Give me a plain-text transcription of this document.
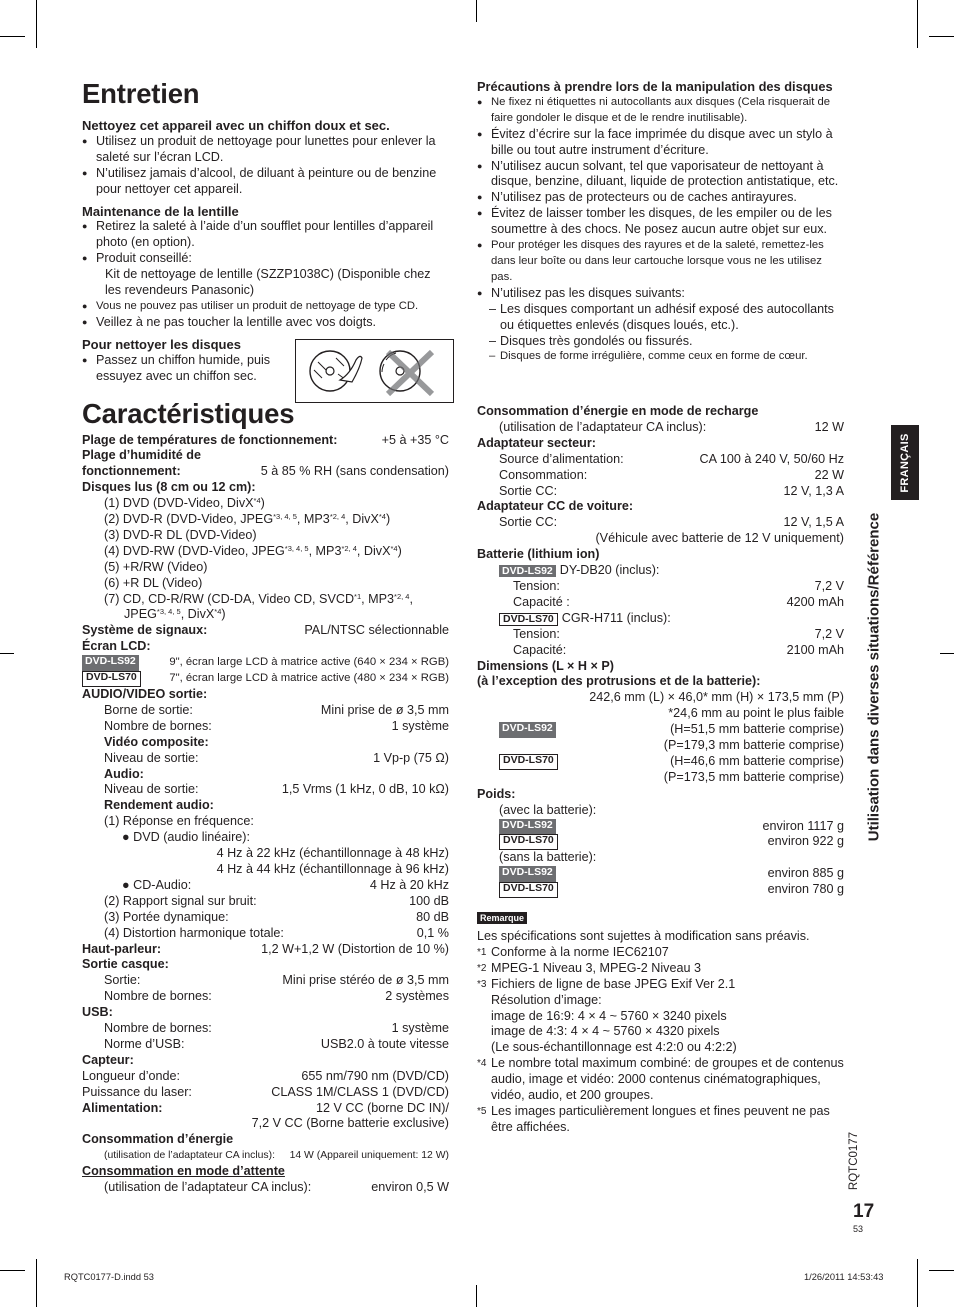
Entretien
Nettoyez cet appareil avec un chiffon doux et sec.
● Utilisez un produit de nettoyage pour lunettes pour enlever la saleté sur l’écran LCD.
● N’utilisez jamais d’alcool, de diluant à peinture ou de benzine pour nettoyer cet appareil.
Maintenance de la lentille
● Retirez la saleté à l’aide d’un soufflet pour lentilles d’appareil photo (en option).
● Produit conseillé:
Kit de nettoyage de lentille (SZZP1038C) (Disponible chez les revendeurs Panasonic)
● Vous ne pouvez pas utiliser un produit de nettoyage de type CD.
● Veillez à ne pas toucher la lentille avec vos doigts.
Pour nettoyer les disques
● Passez un chiffon humide, puis essuyez avec un chiffon sec.
Caractéristiques
Plage de températures de fonctionnement:	+5 à +35 °C
Plage d’humidité de
fonctionnement:	5 à 85 % RH (sans condensation)
Disques lus (8 cm ou 12 cm):
(1) DVD (DVD-Video, DivX$^{*4}$)
(2) DVD-R (DVD-Video, JPEG$^{*3, 4, 5}$, MP3$^{*2, 4}$, DivX$^{*4}$)
(3) DVD-R DL (DVD-Video)
(4) DVD-RW (DVD-Video, JPEG$^{*3, 4, 5}$, MP3$^{*2, 4}$, DivX$^{*4}$)
(5) +R/RW (Video)
(6) +R DL (Video)
(7) CD, CD-R/RW (CD-DA, Video CD, SVCD$^{*1}$, MP3$^{*2, 4}$,
JPEG$^{*3, 4, 5}$, DivX$^{*4}$)
Système de signaux:	PAL/NTSC sélectionnable
Écran LCD:
DVD-LS92	9", écran large LCD à matrice active (640 × 234 × RGB)
DVD-LS70	7", écran large LCD à matrice active (480 × 234 × RGB)
AUDIO/VIDEO sortie:
Borne de sortie:	Mini prise de ø 3,5 mm
Nombre de bornes:	1 système
Vidéo composite:
Niveau de sortie:	1 Vp-p (75 Ω)
Audio:
Niveau de sortie:	1,5 Vrms (1 kHz, 0 dB, 10 kΩ)
Rendement audio:
(1) Réponse en fréquence:
● DVD (audio linéaire):
4 Hz à 22 kHz (échantillonnage à 48 kHz)
4 Hz à 44 kHz (échantillonnage à 96 kHz)
● CD-Audio:	4 Hz à 20 kHz
(2) Rapport signal sur bruit:	100 dB
(3) Portée dynamique:	80 dB
(4) Distortion harmonique totale:	0,1 %
Haut-parleur:	1,2 W+1,2 W (Distortion de 10 %)
Sortie casque:
Sortie:	Mini prise stéréo de ø 3,5 mm
Nombre de bornes:	2 systèmes
USB:
Nombre de bornes:	1 système
Norme d’USB:	USB2.0 à toute vitesse
Capteur:
Longueur d’onde:	655 nm/790 nm (DVD/CD)
Puissance du laser:	CLASS 1M/CLASS 1 (DVD/CD)
Alimentation:	12 V CC (borne DC IN)/
7,2 V CC (Borne batterie exclusive)
Consommation d’énergie
(utilisation de l’adaptateur CA inclus): 14 W (Appareil uniquement: 12 W)
Consommation en mode d’attente
(utilisation de l’adaptateur CA inclus):	environ 0,5 W
Précautions à prendre lors de la manipulation des disques
● Ne fixez ni étiquettes ni autocollants aux disques (Cela risquerait de faire gondoler le disque et de le rendre inutilisable).
● Évitez d’écrire sur la face imprimée du disque avec un stylo à bille ou tout autre instrument d’écriture.
● N’utilisez aucun solvant, tel que vaporisateur de nettoyant à disque, benzine, diluant, liquide de protection antistatique, etc.
● N’utilisez pas de protecteurs ou de caches antirayures.
● Évitez de laisser tomber les disques, de les empiler ou de les soumettre à des chocs. Ne posez aucun autre objet sur eux.
● Pour protéger les disques des rayures et de la saleté, remettez-les dans leur boîte ou dans leur cartouche lorsque vous ne les utilisez pas.
● N’utilisez pas les disques suivants:
– Les disques comportant un adhésif exposé des autocollants ou étiquettes enlevés (disques loués, etc.).
– Disques très gondolés ou fissurés.
– Disques de forme irrégulière, comme ceux en forme de cœur.
Consommation d’énergie en mode de recharge
(utilisation de l’adaptateur CA inclus):	12 W
Adaptateur secteur:
Source d’alimentation:	CA 100 à 240 V, 50/60 Hz
Consommation:	22 W
Sortie CC:	12 V, 1,3 A
Adaptateur CC de voiture:
Sortie CC:	12 V, 1,5 A
(Véhicule avec batterie de 12 V uniquement)
Batterie (lithium ion)
DVD-LS92 DY-DB20 (inclus):
Tension:	7,2 V
Capacité :	4200 mAh
DVD-LS70 CGR-H711 (inclus):
Tension:	7,2 V
Capacité:	2100 mAh
Dimensions (L × H × P)
(à l’exception des protrusions et de la batterie):
242,6 mm (L) × 46,0* mm (H) × 173,5 mm (P)
*24,6 mm au point le plus faible
DVD-LS92	(H=51,5 mm batterie comprise)
(P=179,3 mm batterie comprise)
DVD-LS70	(H=46,6 mm batterie comprise)
(P=173,5 mm batterie comprise)
Poids:
(avec la batterie):
DVD-LS92	environ 1117 g
DVD-LS70	environ 922 g
(sans la batterie):
DVD-LS92	environ 885 g
DVD-LS70	environ 780 g
Remarque
Les spécifications sont sujettes à modification sans préavis.
*1 Conforme à la norme IEC62107
*2 MPEG-1 Niveau 3, MPEG-2 Niveau 3
*3 Fichiers de ligne de base JPEG Exif Ver 2.1
Résolution d’image:
image de 16:9: 4 × 4 ~ 5760 × 3240 pixels
image de 4:3: 4 × 4 ~ 5760 × 4320 pixels
(Le sous-échantillonnage est 4:2:0 ou 4:2:2)
*4 Le nombre total maximum combiné: de groupes et de contenus audio, image et vidéo: 2000 contenus cinématographiques, vidéo, audio, et 200 groupes.
*5 Les images particulièrement longues et fines peuvent ne pas être affichées.
FRANÇAIS
Utilisation dans diverses situations/Référence
RQTC0177
17
53
RQTC0177-D.indd 53	1/26/2011 14:53:43
